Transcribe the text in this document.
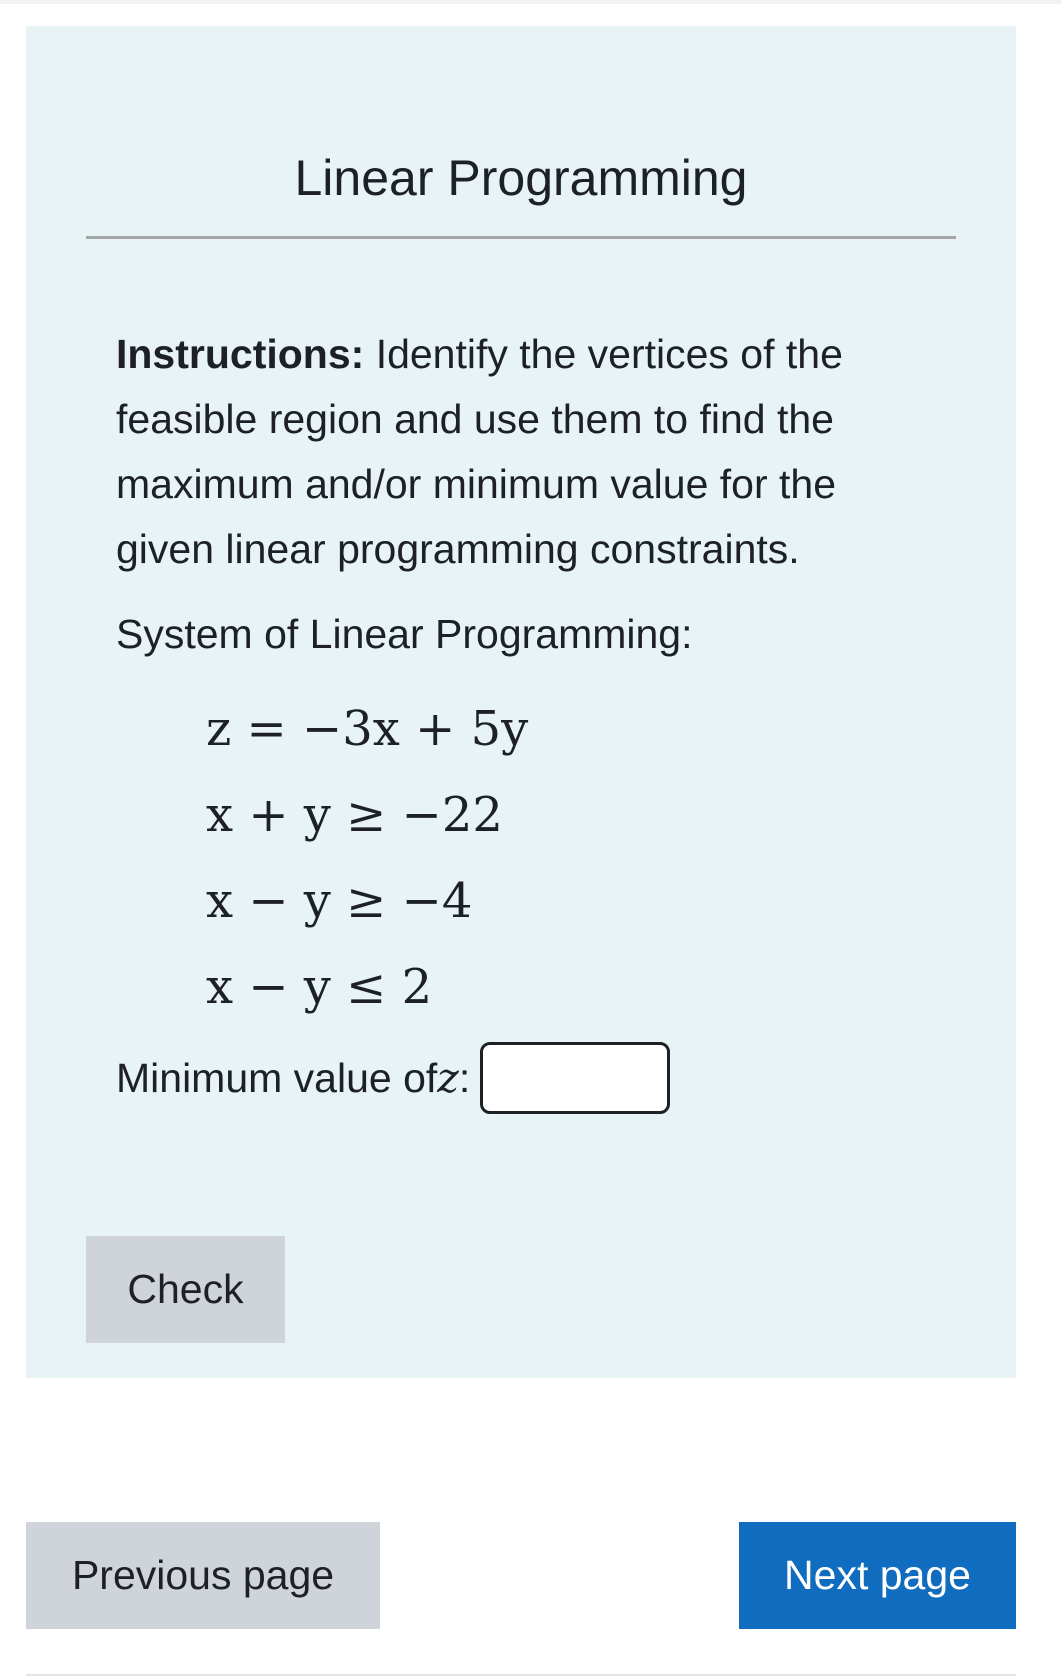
Linear Programming

Instructions: Identify the vertices of the feasible region and use them to find the maximum and/or minimum value for the given linear programming constraints.

System of Linear Programming:

z = −3x + 5y
x + y ≥ −22
x − y ≥ −4
x − y ≤ 2
Minimum value of z :
Check
Previous page	Next page
